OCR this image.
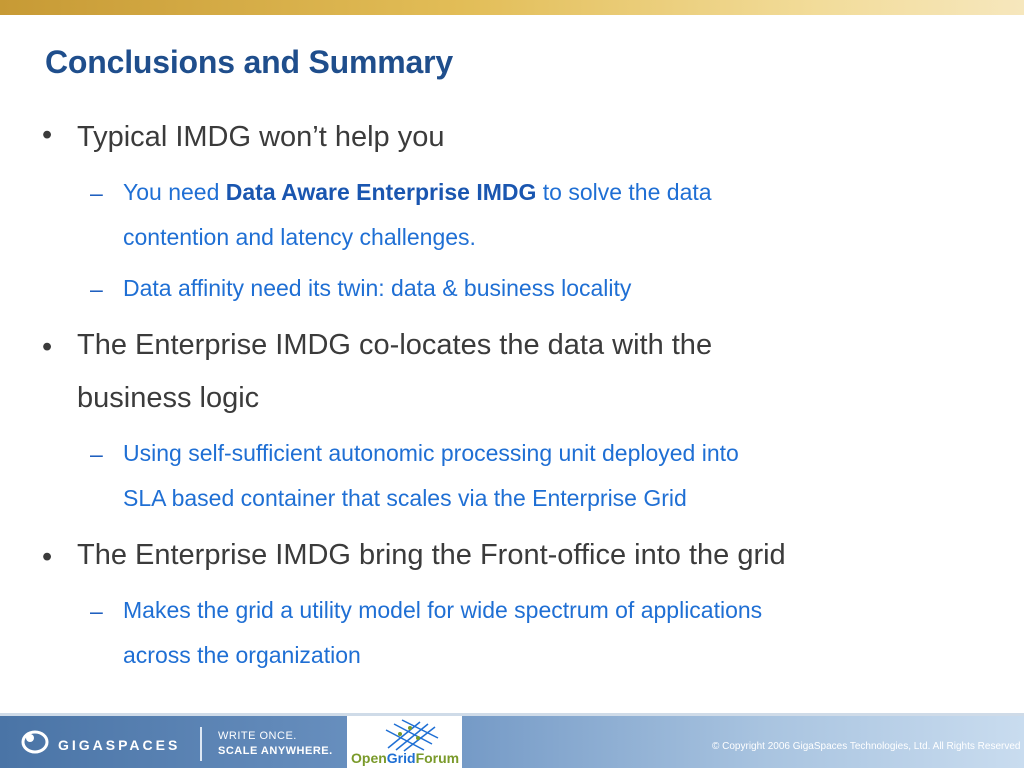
Conclusions and Summary
• Typical IMDG won’t help you
– You need Data Aware Enterprise IMDG to solve the data
contention and latency challenges.
– Data affinity need its twin: data & business locality
• The Enterprise IMDG co-locates the data with the
business logic
– Using self-sufficient autonomic processing unit deployed into
SLA based container that scales via the Enterprise Grid
• The Enterprise IMDG bring the Front-office into the grid
– Makes the grid a utility model for wide spectrum of applications
across the organization
GIGASPACES
WRITE ONCE.
SCALE ANYWHERE. OpenGridForum
© Copyright 2006 GigaSpaces Technologies, Ltd. All Rights Reserved
